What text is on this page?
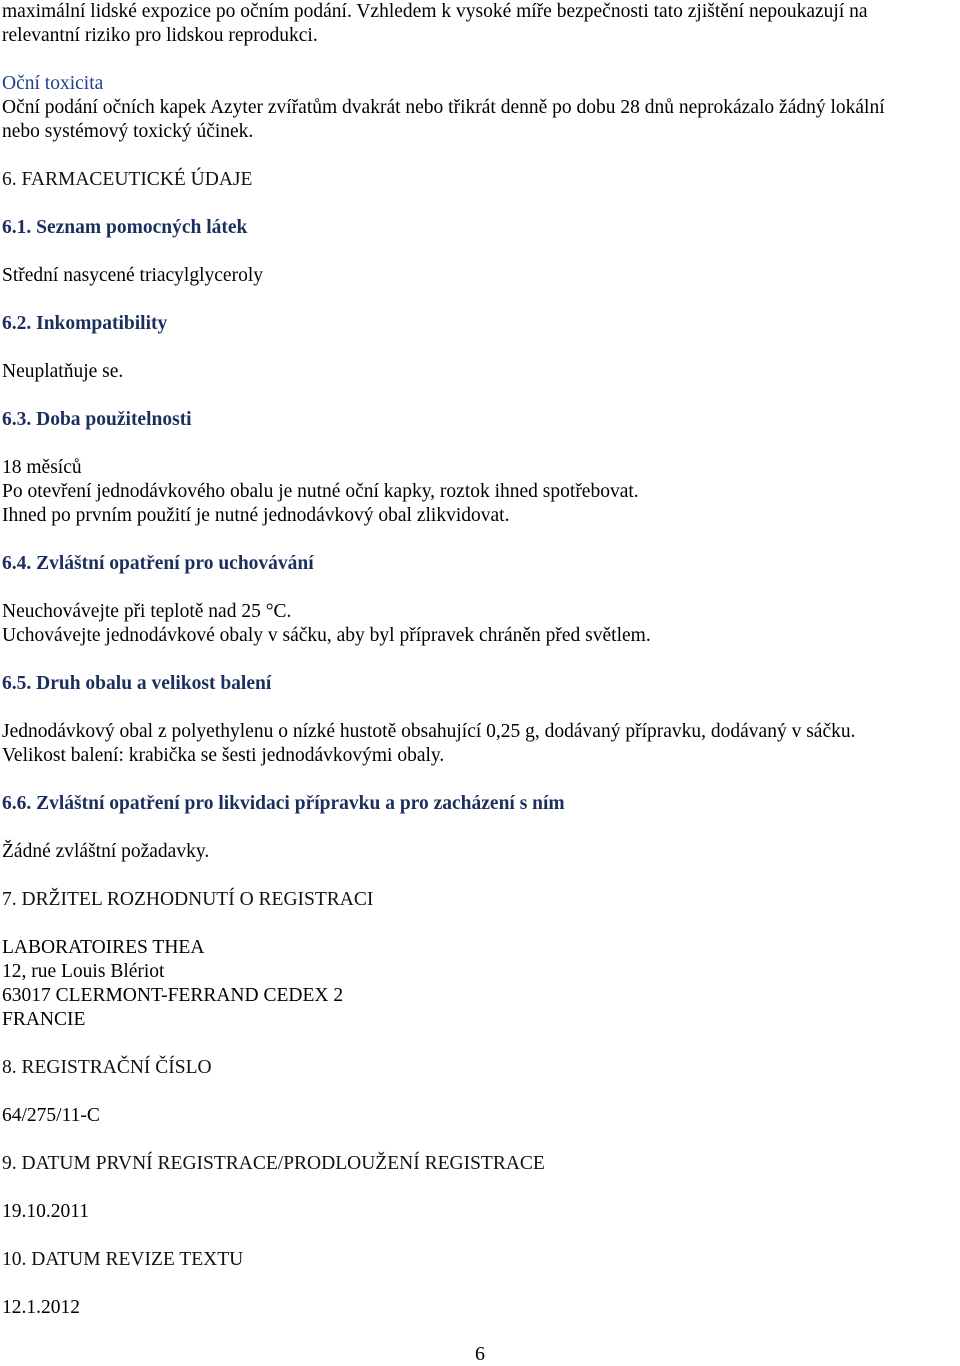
maximální lidské expozice po očním podání. Vzhledem k vysoké míře bezpečnosti tato zjištění nepoukazují na
relevantní riziko pro lidskou reprodukci.
Oční toxicita
Oční podání očních kapek Azyter zvířatům dvakrát nebo třikrát denně po dobu 28 dnů neprokázalo žádný lokální
nebo systémový toxický účinek.
6. FARMACEUTICKÉ ÚDAJE
6.1. Seznam pomocných látek
Střední nasycené triacylglyceroly
6.2. Inkompatibility
Neuplatňuje se.
6.3. Doba použitelnosti
18 měsíců
Po otevření jednodávkového obalu je nutné oční kapky, roztok ihned spotřebovat.
Ihned po prvním použití je nutné jednodávkový obal zlikvidovat.
6.4. Zvláštní opatření pro uchovávání
Neuchovávejte při teplotě nad 25 °C.
Uchovávejte jednodávkové obaly v sáčku, aby byl přípravek chráněn před světlem.
6.5. Druh obalu a velikost balení
Jednodávkový obal z polyethylenu o nízké hustotě obsahující 0,25 g, dodávaný přípravku, dodávaný v sáčku.
Velikost balení: krabička se šesti jednodávkovými obaly.
6.6. Zvláštní opatření pro likvidaci přípravku a pro zacházení s ním
Žádné zvláštní požadavky.
7. DRŽITEL ROZHODNUTÍ O REGISTRACI
LABORATOIRES THEA
12, rue Louis Blériot
63017 CLERMONT-FERRAND CEDEX 2
FRANCIE
8. REGISTRAČNÍ ČÍSLO
64/275/11-C
9. DATUM PRVNÍ REGISTRACE/PRODLOUŽENÍ REGISTRACE
19.10.2011
10. DATUM REVIZE TEXTU
12.1.2012
6
